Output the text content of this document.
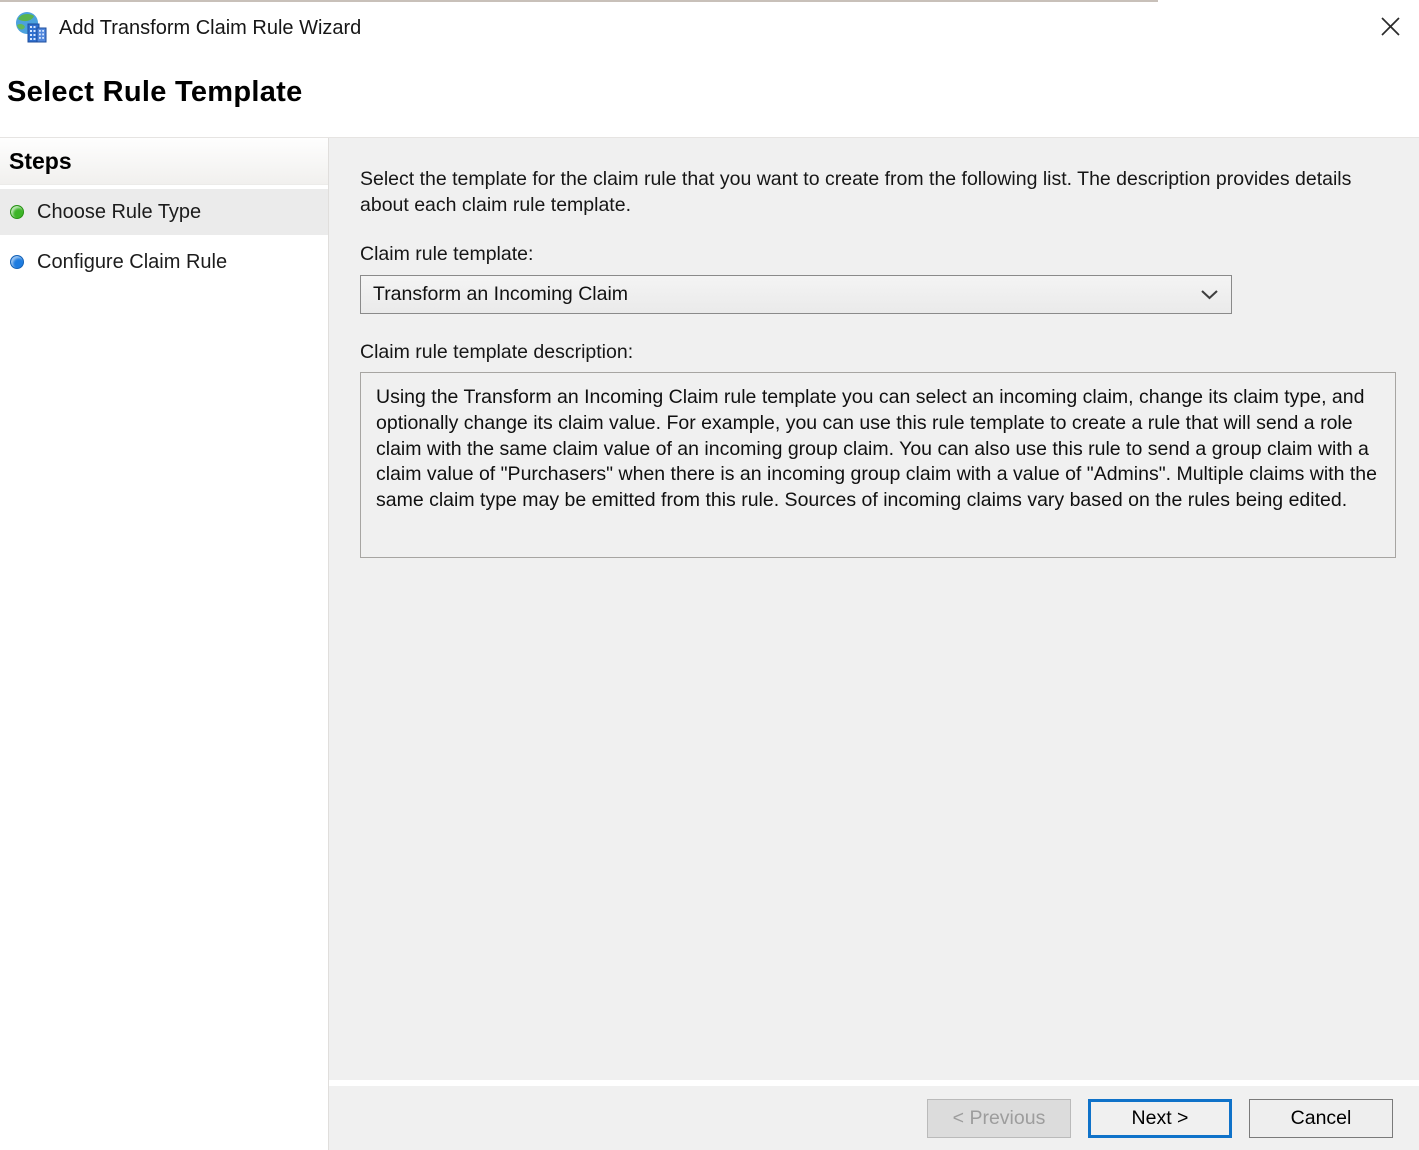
Add Transform Claim Rule Wizard
Select Rule Template
Steps
Choose Rule Type
Configure Claim Rule
Select the template for the claim rule that you want to create from the following list. The description provides details about each claim rule template.
Claim rule template:
Transform an Incoming Claim
Claim rule template description:
Using the Transform an Incoming Claim rule template you can select an incoming claim, change its claim type, and optionally change its claim value. For example, you can use this rule template to create a rule that will send a role claim with the same claim value of an incoming group claim. You can also use this rule to send a group claim with a claim value of "Purchasers" when there is an incoming group claim with a value of "Admins". Multiple claims with the same claim type may be emitted from this rule. Sources of incoming claims vary based on the rules being edited.
< Previous	Next >	Cancel
